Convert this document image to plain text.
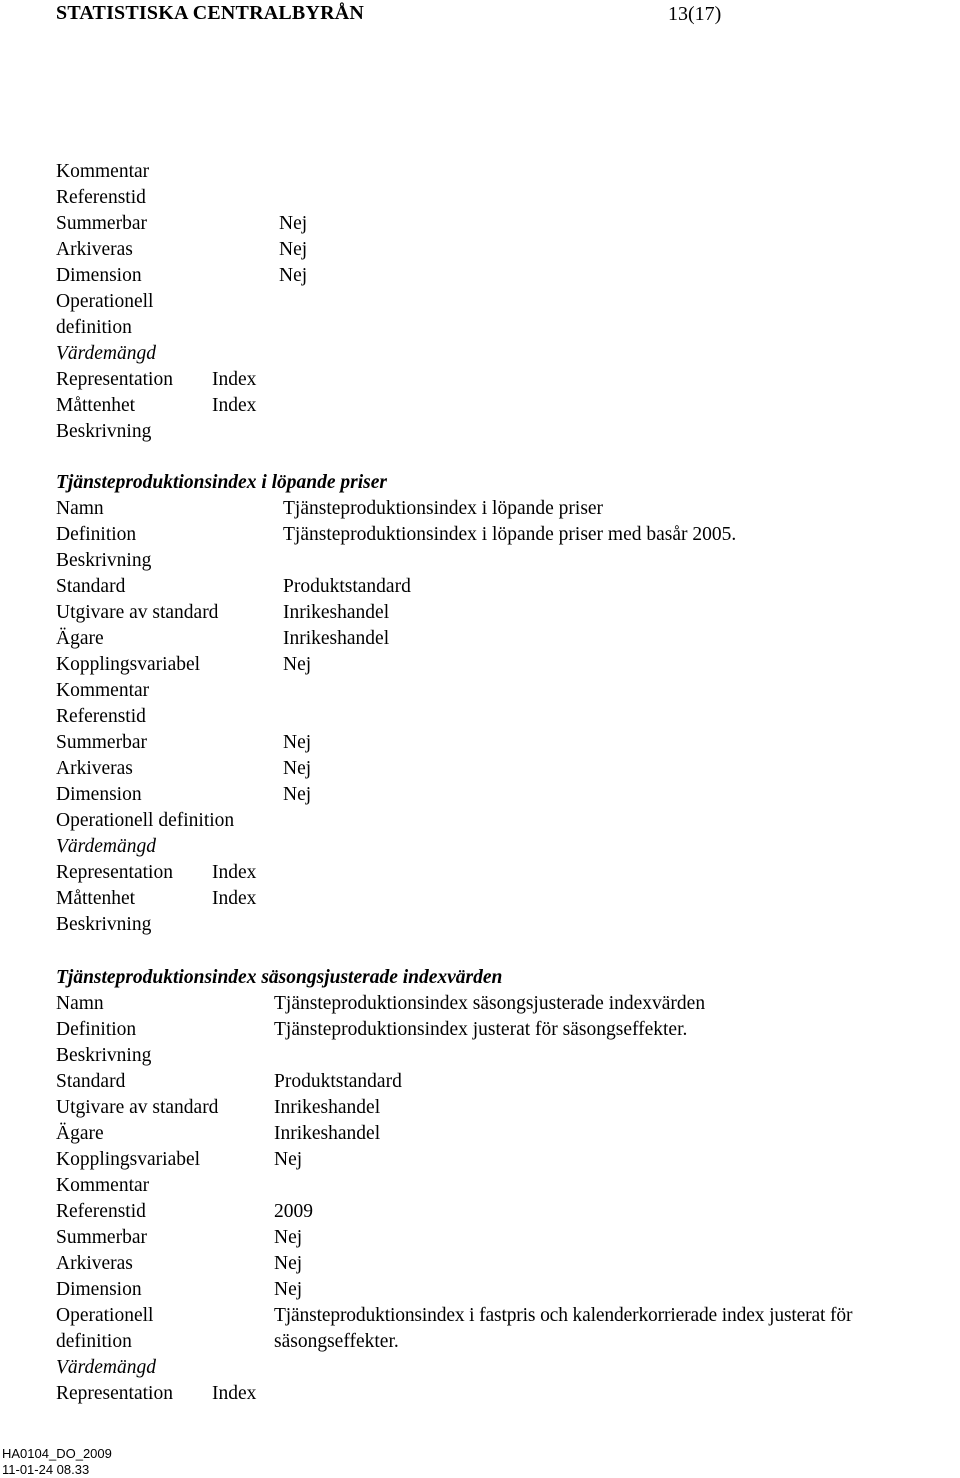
STATISTISKA CENTRALBYRÅN	13(17)
Kommentar
Referenstid
Summerbar
Arkiveras
Dimension
Operationell
definition
Värdemängd
Representation
Måttenhet
Beskrivning
Nej
Nej
Nej
Index
Index
Tjänsteproduktionsindex i löpande priser
Namn
Definition
Beskrivning
Standard
Utgivare av standard
Ägare
Kopplingsvariabel
Kommentar
Referenstid
Summerbar
Arkiveras
Dimension
Operationell definition
Värdemängd
Representation
Måttenhet
Beskrivning
Tjänsteproduktionsindex i löpande priser
Tjänsteproduktionsindex i löpande priser med basår 2005.
Produktstandard
Inrikeshandel
Inrikeshandel
Nej
Nej
Nej
Nej
Index
Index
Tjänsteproduktionsindex säsongsjusterade indexvärden
Namn
Definition
Beskrivning
Standard
Utgivare av standard
Ägare
Kopplingsvariabel
Kommentar
Referenstid
Summerbar
Arkiveras
Dimension
Operationell
definition
Värdemängd
Representation
Tjänsteproduktionsindex säsongsjusterade indexvärden
Tjänsteproduktionsindex justerat för säsongseffekter.
Produktstandard
Inrikeshandel
Inrikeshandel
Nej
2009
Nej
Nej
Nej
Tjänsteproduktionsindex i fastpris och kalenderkorrierade index justerat för
säsongseffekter.
Index
HA0104_DO_2009
11-01-24 08.33
